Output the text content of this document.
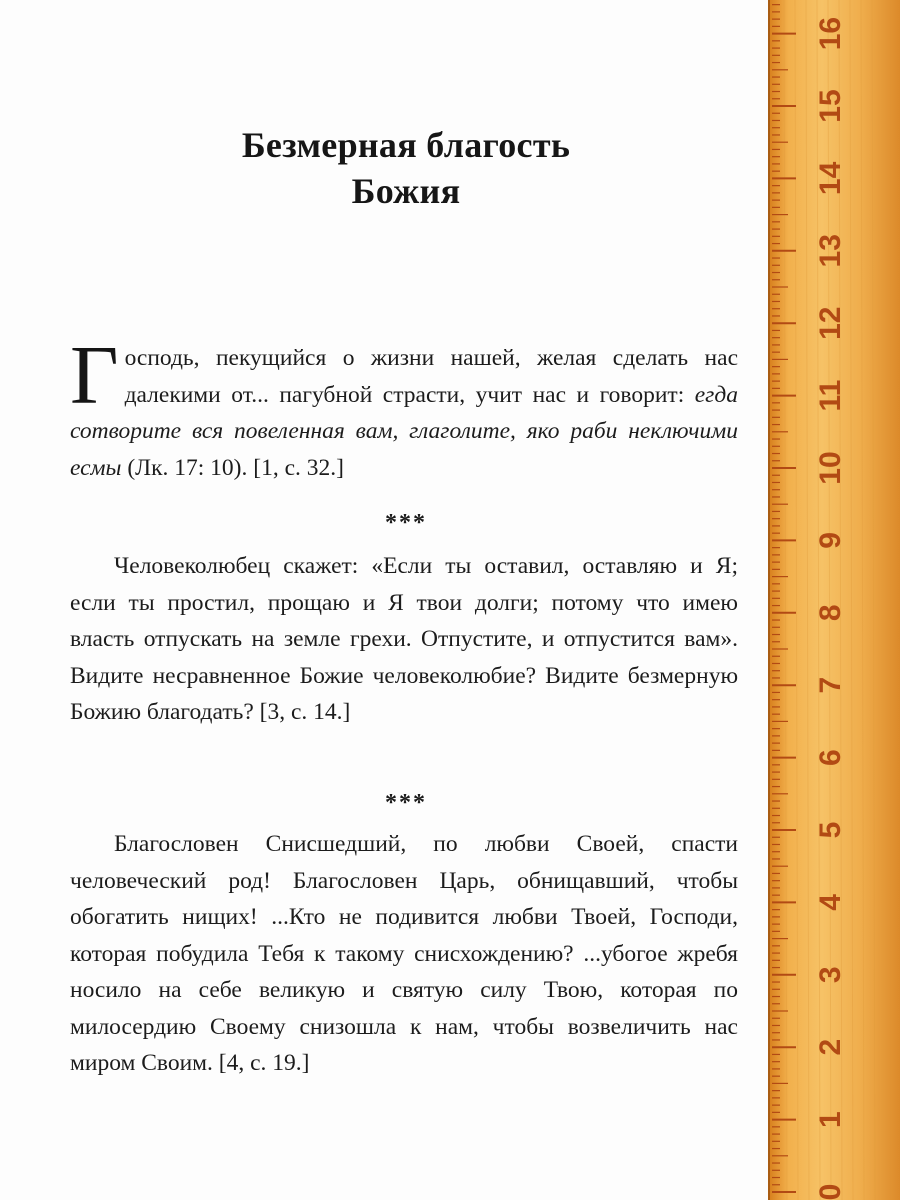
Безмерная благость
Божия
Господь, пекущийся о жизни нашей, желая сделать нас далекими от... пагубной страсти, учит нас и говорит: егда сотворите вся повеленная вам, глаголите, яко раби неключими есмы (Лк. 17: 10). [1, с. 32.]
***
Человеколюбец скажет: «Если ты оставил, оставляю и Я; если ты простил, прощаю и Я твои долги; потому что имею власть отпускать на земле грехи. Отпустите, и отпустится вам». Видите несравненное Божие человеколюбие? Видите безмерную Божию благодать? [3, с. 14.]
***
Благословен Снисшедший, по любви Своей, спасти человеческий род! Благословен Царь, обнищавший, чтобы обогатить нищих! ...Кто не подивится любви Твоей, Господи, которая побудила Тебя к такому снисхождению? ...убогое жребя носило на себе великую и святую силу Твою, которая по милосердию Своему снизошла к нам, чтобы возвеличить нас миром Своим. [4, с. 19.]
0
1
2
3
4
5
6
7
8
9
10
11
12
13
14
15
16
